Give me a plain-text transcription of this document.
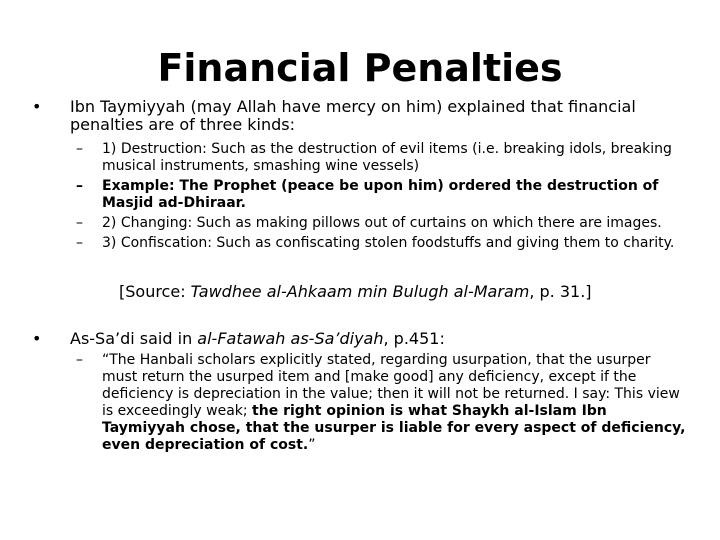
Financial Penalties
• Ibn Taymiyyah (may Allah have mercy on him) explained that financial penalties are of three kinds:
– 1) Destruction: Such as the destruction of evil items (i.e. breaking idols, breaking musical instruments, smashing wine vessels)
– Example: The Prophet (peace be upon him) ordered the destruction of Masjid ad-Dhiraar.
– 2) Changing: Such as making pillows out of curtains on which there are images.
– 3) Confiscation: Such as confiscating stolen foodstuffs and giving them to charity.
[Source: Tawdhee al-Ahkaam min Bulugh al-Maram, p. 31.]
• As-Sa’di said in al-Fatawah as-Sa’diyah, p.451:
– “The Hanbali scholars explicitly stated, regarding usurpation, that the usurper must return the usurped item and [make good] any deficiency, except if the deficiency is depreciation in the value; then it will not be returned. I say: This view is exceedingly weak; the right opinion is what Shaykh al-Islam Ibn Taymiyyah chose, that the usurper is liable for every aspect of deficiency, even depreciation of cost.”
